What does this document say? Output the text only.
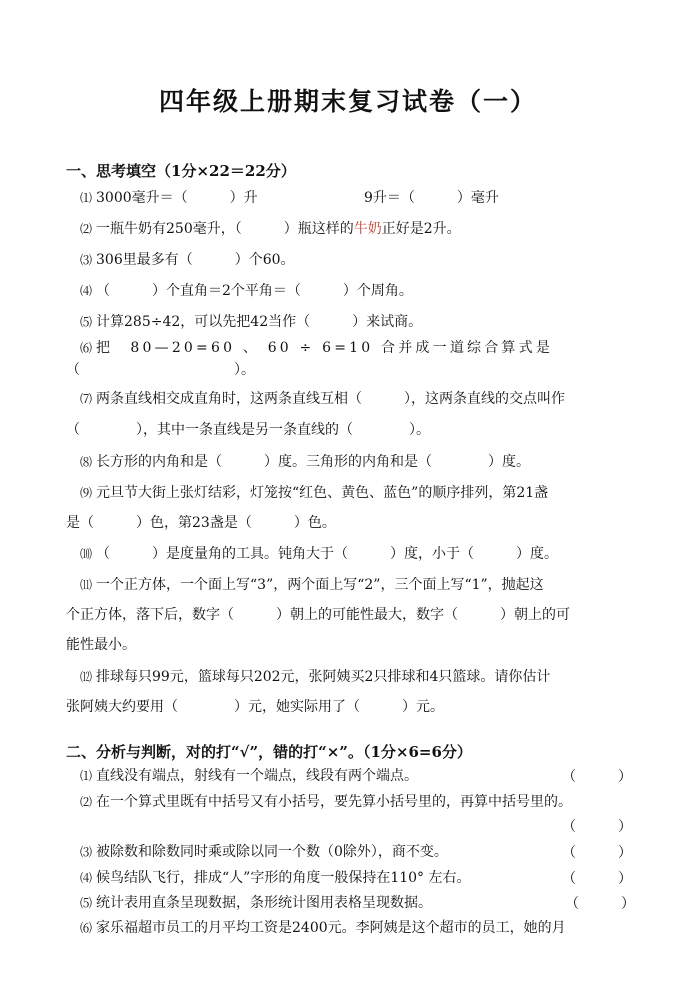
四年级上册期末复习试卷（一）
一、思考填空（1分×22＝22分）
⑴ 3000毫升＝（　　　）升	9升＝（　　　）毫升
⑵ 一瓶牛奶有250毫升，（　　　）瓶这样的牛奶正好是2升。
⑶ 306里最多有（　　　）个60。
⑷ （　　　）个直角＝2个平角＝（　　　）个周角。
⑸ 计算285÷42，可以先把42当作（　　　）来试商。
⑹ 把　80—20=60 、 60 ÷ 6=10 合并成一道综合算式是
（　　　　　　　　　　　）。
⑺ 两条直线相交成直角时，这两条直线互相（　　　），这两条直线的交点叫作
（　　　　），其中一条直线是另一条直线的（　　　　）。
⑻ 长方形的内角和是（　　　）度。三角形的内角和是（　　　　）度。
⑼ 元旦节大街上张灯结彩，灯笼按“红色、黄色、蓝色”的顺序排列，第21盏
是（　　　）色，第23盏是（　　　）色。
⑽ （　　　）是度量角的工具。钝角大于（　　　）度，小于（　　　）度。
⑾ 一个正方体，一个面上写“3”，两个面上写“2”，三个面上写“1”，抛起这
个正方体，落下后，数字（　　　）朝上的可能性最大，数字（　　　）朝上的可
能性最小。
⑿ 排球每只99元，篮球每只202元，张阿姨买2只排球和4只篮球。请你估计
张阿姨大约要用（　　　　）元，她实际用了（　　　）元。
二、分析与判断，对的打“√”，错的打“×”。（1分×6=6分）
⑴ 直线没有端点，射线有一个端点，线段有两个端点。	（　　　）
⑵ 在一个算式里既有中括号又有小括号，要先算小括号里的，再算中括号里的。
（　　　）
⑶ 被除数和除数同时乘或除以同一个数（0除外），商不变。	（　　　）
⑷ 候鸟结队飞行，排成“人”字形的角度一般保持在110° 左右。	（　　　）
⑸ 统计表用直条呈现数据，条形统计图用表格呈现数据。	（　　　）
⑹ 家乐福超市员工的月平均工资是2400元。李阿姨是这个超市的员工，她的月
